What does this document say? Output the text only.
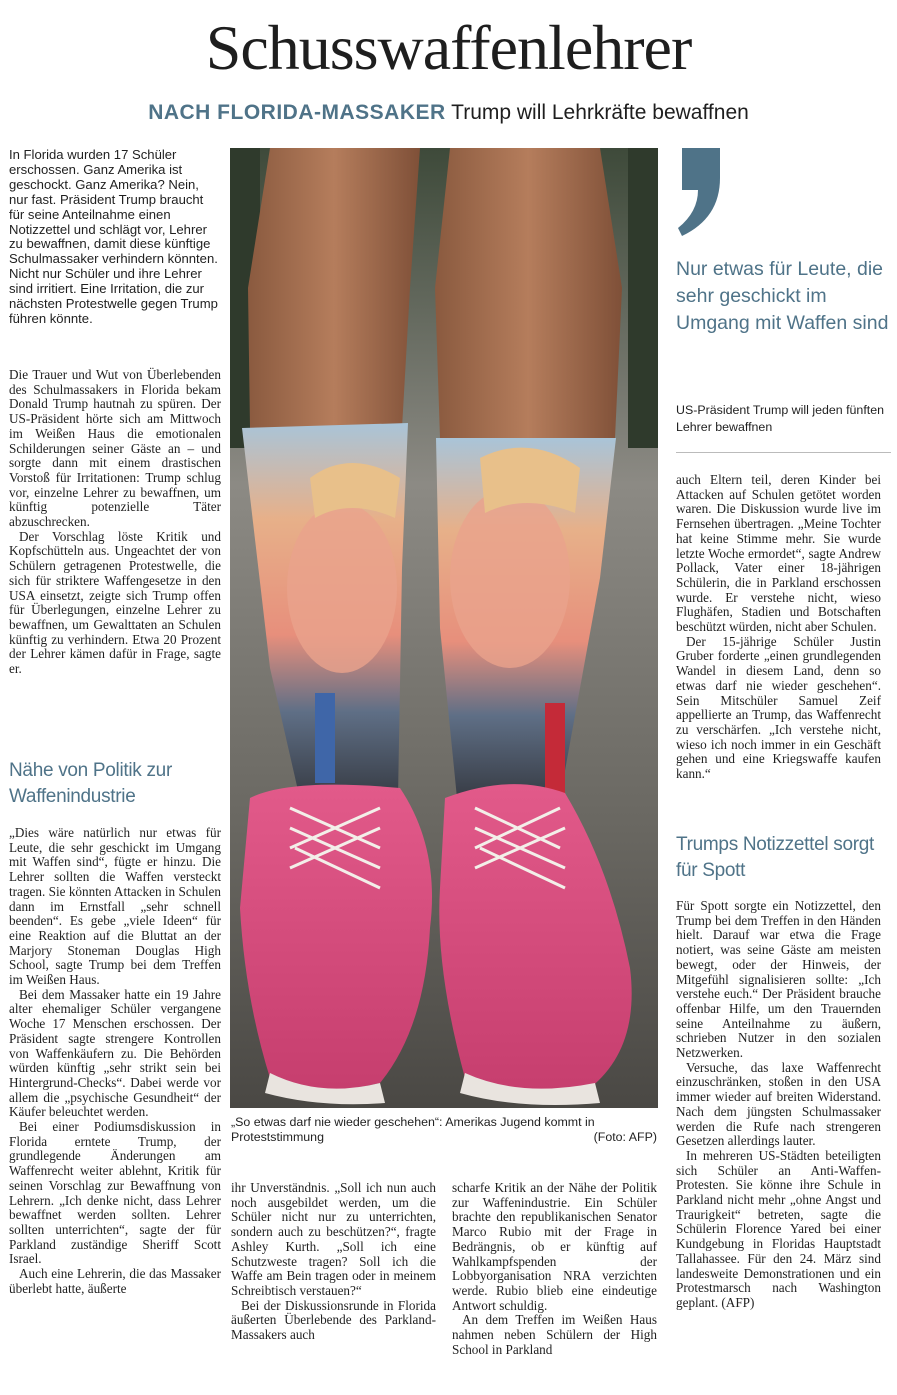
Schusswaffenlehrer
NACH FLORIDA-MASSAKER Trump will Lehrkräfte bewaffnen

In Florida wurden 17 Schüler erschossen. Ganz Amerika ist geschockt. Ganz Amerika? Nein, nur fast. Präsident Trump braucht für seine Anteilnahme einen Notizzettel und schlägt vor, Lehrer zu bewaffnen, damit diese künftige Schulmassaker verhindern könnten. Nicht nur Schüler und ihre Lehrer sind irritiert. Eine Irritation, die zur nächsten Protestwelle gegen Trump führen könnte.

Die Trauer und Wut von Überlebenden des Schulmassakers in Florida bekam Donald Trump hautnah zu spüren. Der US-Präsident hörte sich am Mittwoch im Weißen Haus die emotionalen Schilderungen seiner Gäste an – und sorgte dann mit einem drastischen Vorstoß für Irritationen: Trump schlug vor, einzelne Lehrer zu bewaffnen, um künftig potenzielle Täter abzuschrecken.

Der Vorschlag löste Kritik und Kopfschütteln aus. Ungeachtet der von Schülern getragenen Protestwelle, die sich für striktere Waffengesetze in den USA einsetzt, zeigte sich Trump offen für Überlegungen, einzelne Lehrer zu bewaffnen, um Gewalttaten an Schulen künftig zu verhindern. Etwa 20 Prozent der Lehrer kämen dafür in Frage, sagte er.

Nähe von Politik zur Waffenindustrie

„Dies wäre natürlich nur etwas für Leute, die sehr geschickt im Umgang mit Waffen sind“, fügte er hinzu. Die Lehrer sollten die Waffen versteckt tragen. Sie könnten Attacken in Schulen dann im Ernstfall „sehr schnell beenden“. Es gebe „viele Ideen“ für eine Reaktion auf die Bluttat an der Marjory Stoneman Douglas High School, sagte Trump bei dem Treffen im Weißen Haus.

Bei dem Massaker hatte ein 19 Jahre alter ehemaliger Schüler vergangene Woche 17 Menschen erschossen. Der Präsident sagte strengere Kontrollen von Waffenkäufern zu. Die Behörden würden künftig „sehr strikt sein bei Hintergrund-Checks“. Dabei werde vor allem die „psychische Gesundheit“ der Käufer beleuchtet werden.

Bei einer Podiumsdiskussion in Florida erntete Trump, der grundlegende Änderungen am Waffenrecht weiter ablehnt, Kritik für seinen Vorschlag zur Bewaffnung von Lehrern. „Ich denke nicht, dass Lehrer bewaffnet werden sollten. Lehrer sollten unterrichten“, sagte der für Parkland zuständige Sheriff Scott Israel.

Auch eine Lehrerin, die das Massaker überlebt hatte, äußerte

„So etwas darf nie wieder geschehen“: Amerikas Jugend kommt in Proteststimmung	(Foto: AFP)

ihr Unverständnis. „Soll ich nun auch noch ausgebildet werden, um die Schüler nicht nur zu unterrichten, sondern auch zu beschützen?“, fragte Ashley Kurth. „Soll ich eine Schutzweste tragen? Soll ich die Waffe am Bein tragen oder in meinem Schreibtisch verstauen?“

Bei der Diskussionsrunde in Florida äußerten Überlebende des Parkland-Massakers auch

scharfe Kritik an der Nähe der Politik zur Waffenindustrie. Ein Schüler brachte den republikanischen Senator Marco Rubio mit der Frage in Bedrängnis, ob er künftig auf Wahlkampfspenden der Lobbyorganisation NRA verzichten werde. Rubio blieb eine eindeutige Antwort schuldig.

An dem Treffen im Weißen Haus nahmen neben Schülern der High School in Parkland

Nur etwas für Leute, die sehr geschickt im Umgang mit Waffen sind

US-Präsident Trump will jeden fünften Lehrer bewaffnen

auch Eltern teil, deren Kinder bei Attacken auf Schulen getötet worden waren. Die Diskussion wurde live im Fernsehen übertragen. „Meine Tochter hat keine Stimme mehr. Sie wurde letzte Woche ermordet“, sagte Andrew Pollack, Vater einer 18-jährigen Schülerin, die in Parkland erschossen wurde. Er verstehe nicht, wieso Flughäfen, Stadien und Botschaften beschützt würden, nicht aber Schulen.

Der 15-jährige Schüler Justin Gruber forderte „einen grundlegenden Wandel in diesem Land, denn so etwas darf nie wieder geschehen“. Sein Mitschüler Samuel Zeif appellierte an Trump, das Waffenrecht zu verschärfen. „Ich verstehe nicht, wieso ich noch immer in ein Geschäft gehen und eine Kriegswaffe kaufen kann.“

Trumps Notizzettel sorgt für Spott

Für Spott sorgte ein Notizzettel, den Trump bei dem Treffen in den Händen hielt. Darauf war etwa die Frage notiert, was seine Gäste am meisten bewegt, oder der Hinweis, der Mitgefühl signalisieren sollte: „Ich verstehe euch.“ Der Präsident brauche offenbar Hilfe, um den Trauernden seine Anteilnahme zu äußern, schrieben Nutzer in den sozialen Netzwerken.

Versuche, das laxe Waffenrecht einzuschränken, stoßen in den USA immer wieder auf breiten Widerstand. Nach dem jüngsten Schulmassaker werden die Rufe nach strengeren Gesetzen allerdings lauter.

In mehreren US-Städten beteiligten sich Schüler an Anti-Waffen-Protesten. Sie könne ihre Schule in Parkland nicht mehr „ohne Angst und Traurigkeit“ betreten, sagte die Schülerin Florence Yared bei einer Kundgebung in Floridas Hauptstadt Tallahassee. Für den 24. März sind landesweite Demonstrationen und ein Protestmarsch nach Washington geplant. (AFP)
